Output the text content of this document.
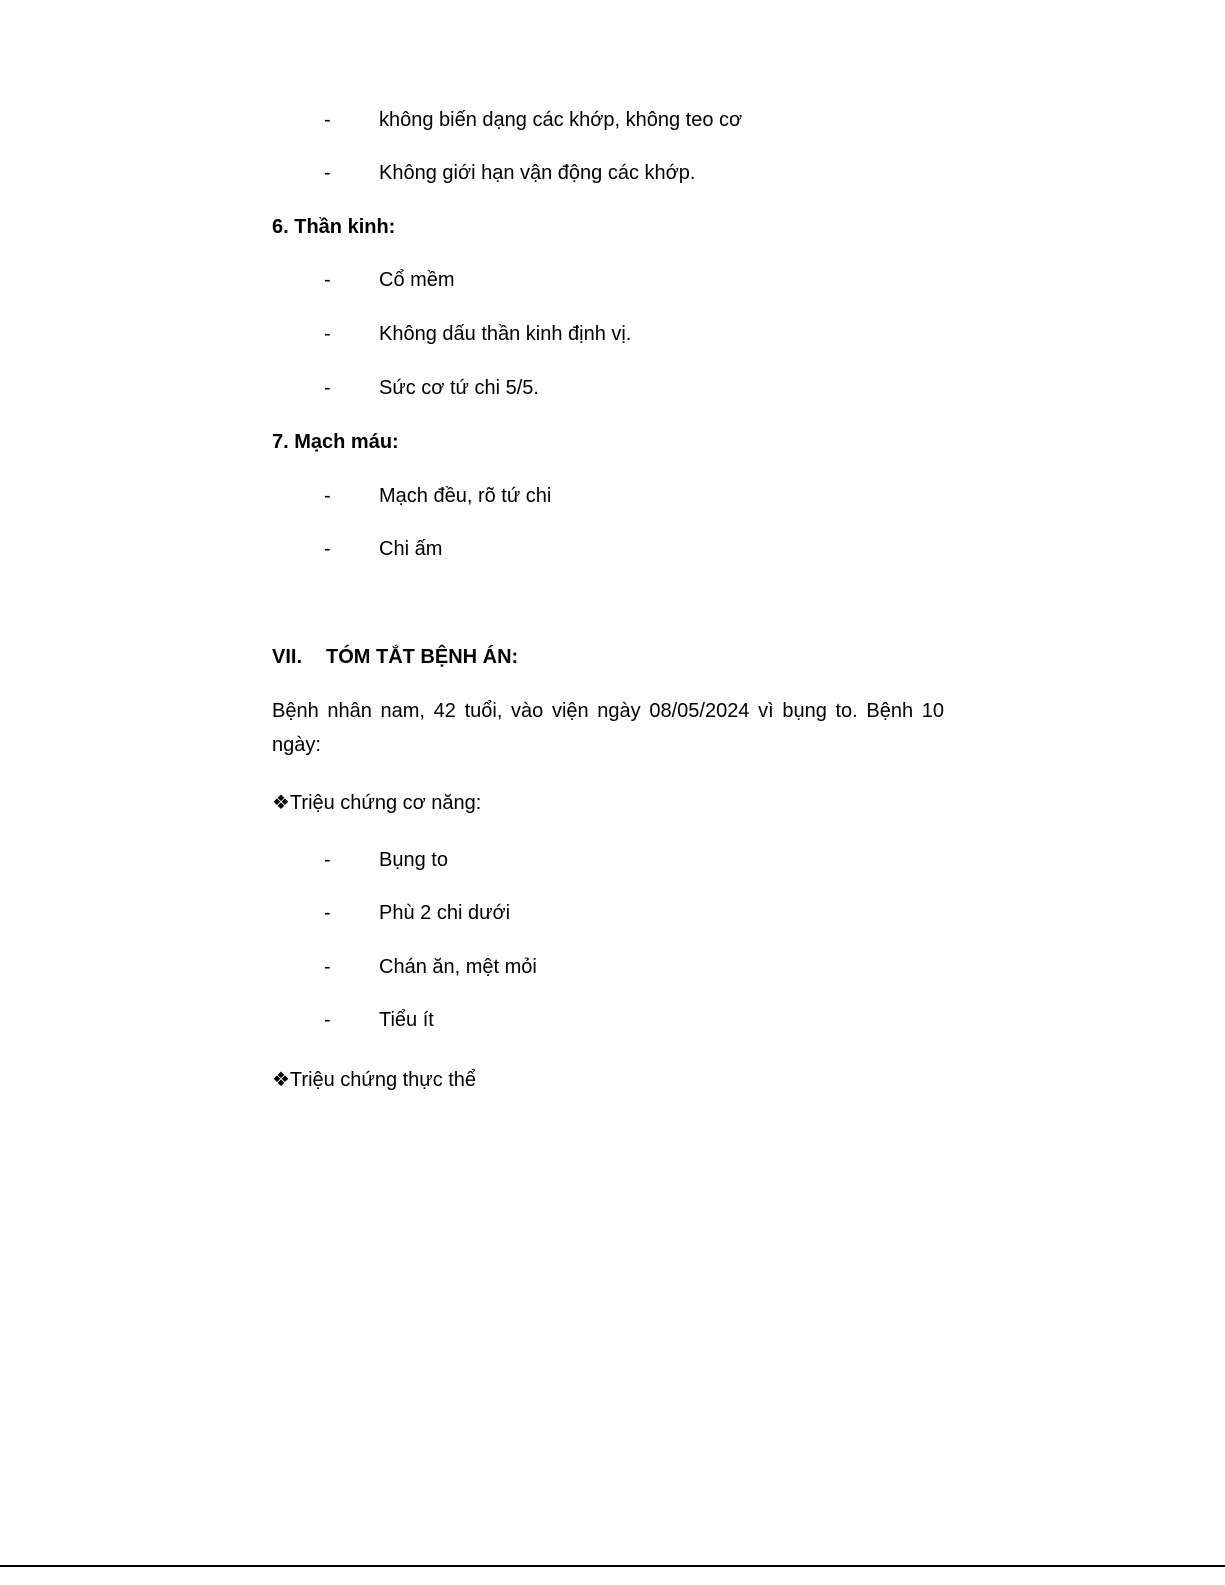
- không biến dạng các khớp, không teo cơ
- Không giới hạn vận động các khớp.
6. Thần kinh:
- Cổ mềm
- Không dấu thần kinh định vị.
- Sức cơ tứ chi 5/5.
7. Mạch máu:
- Mạch đều, rõ tứ chi
- Chi ấm
VII. TÓM TẮT BỆNH ÁN:
Bệnh nhân nam, 42 tuổi, vào viện ngày 08/05/2024 vì bụng to. Bệnh 10 ngày:
❖Triệu chứng cơ năng:
- Bụng to
- Phù 2 chi dưới
- Chán ăn, mệt mỏi
- Tiểu ít
❖Triệu chứng thực thể
